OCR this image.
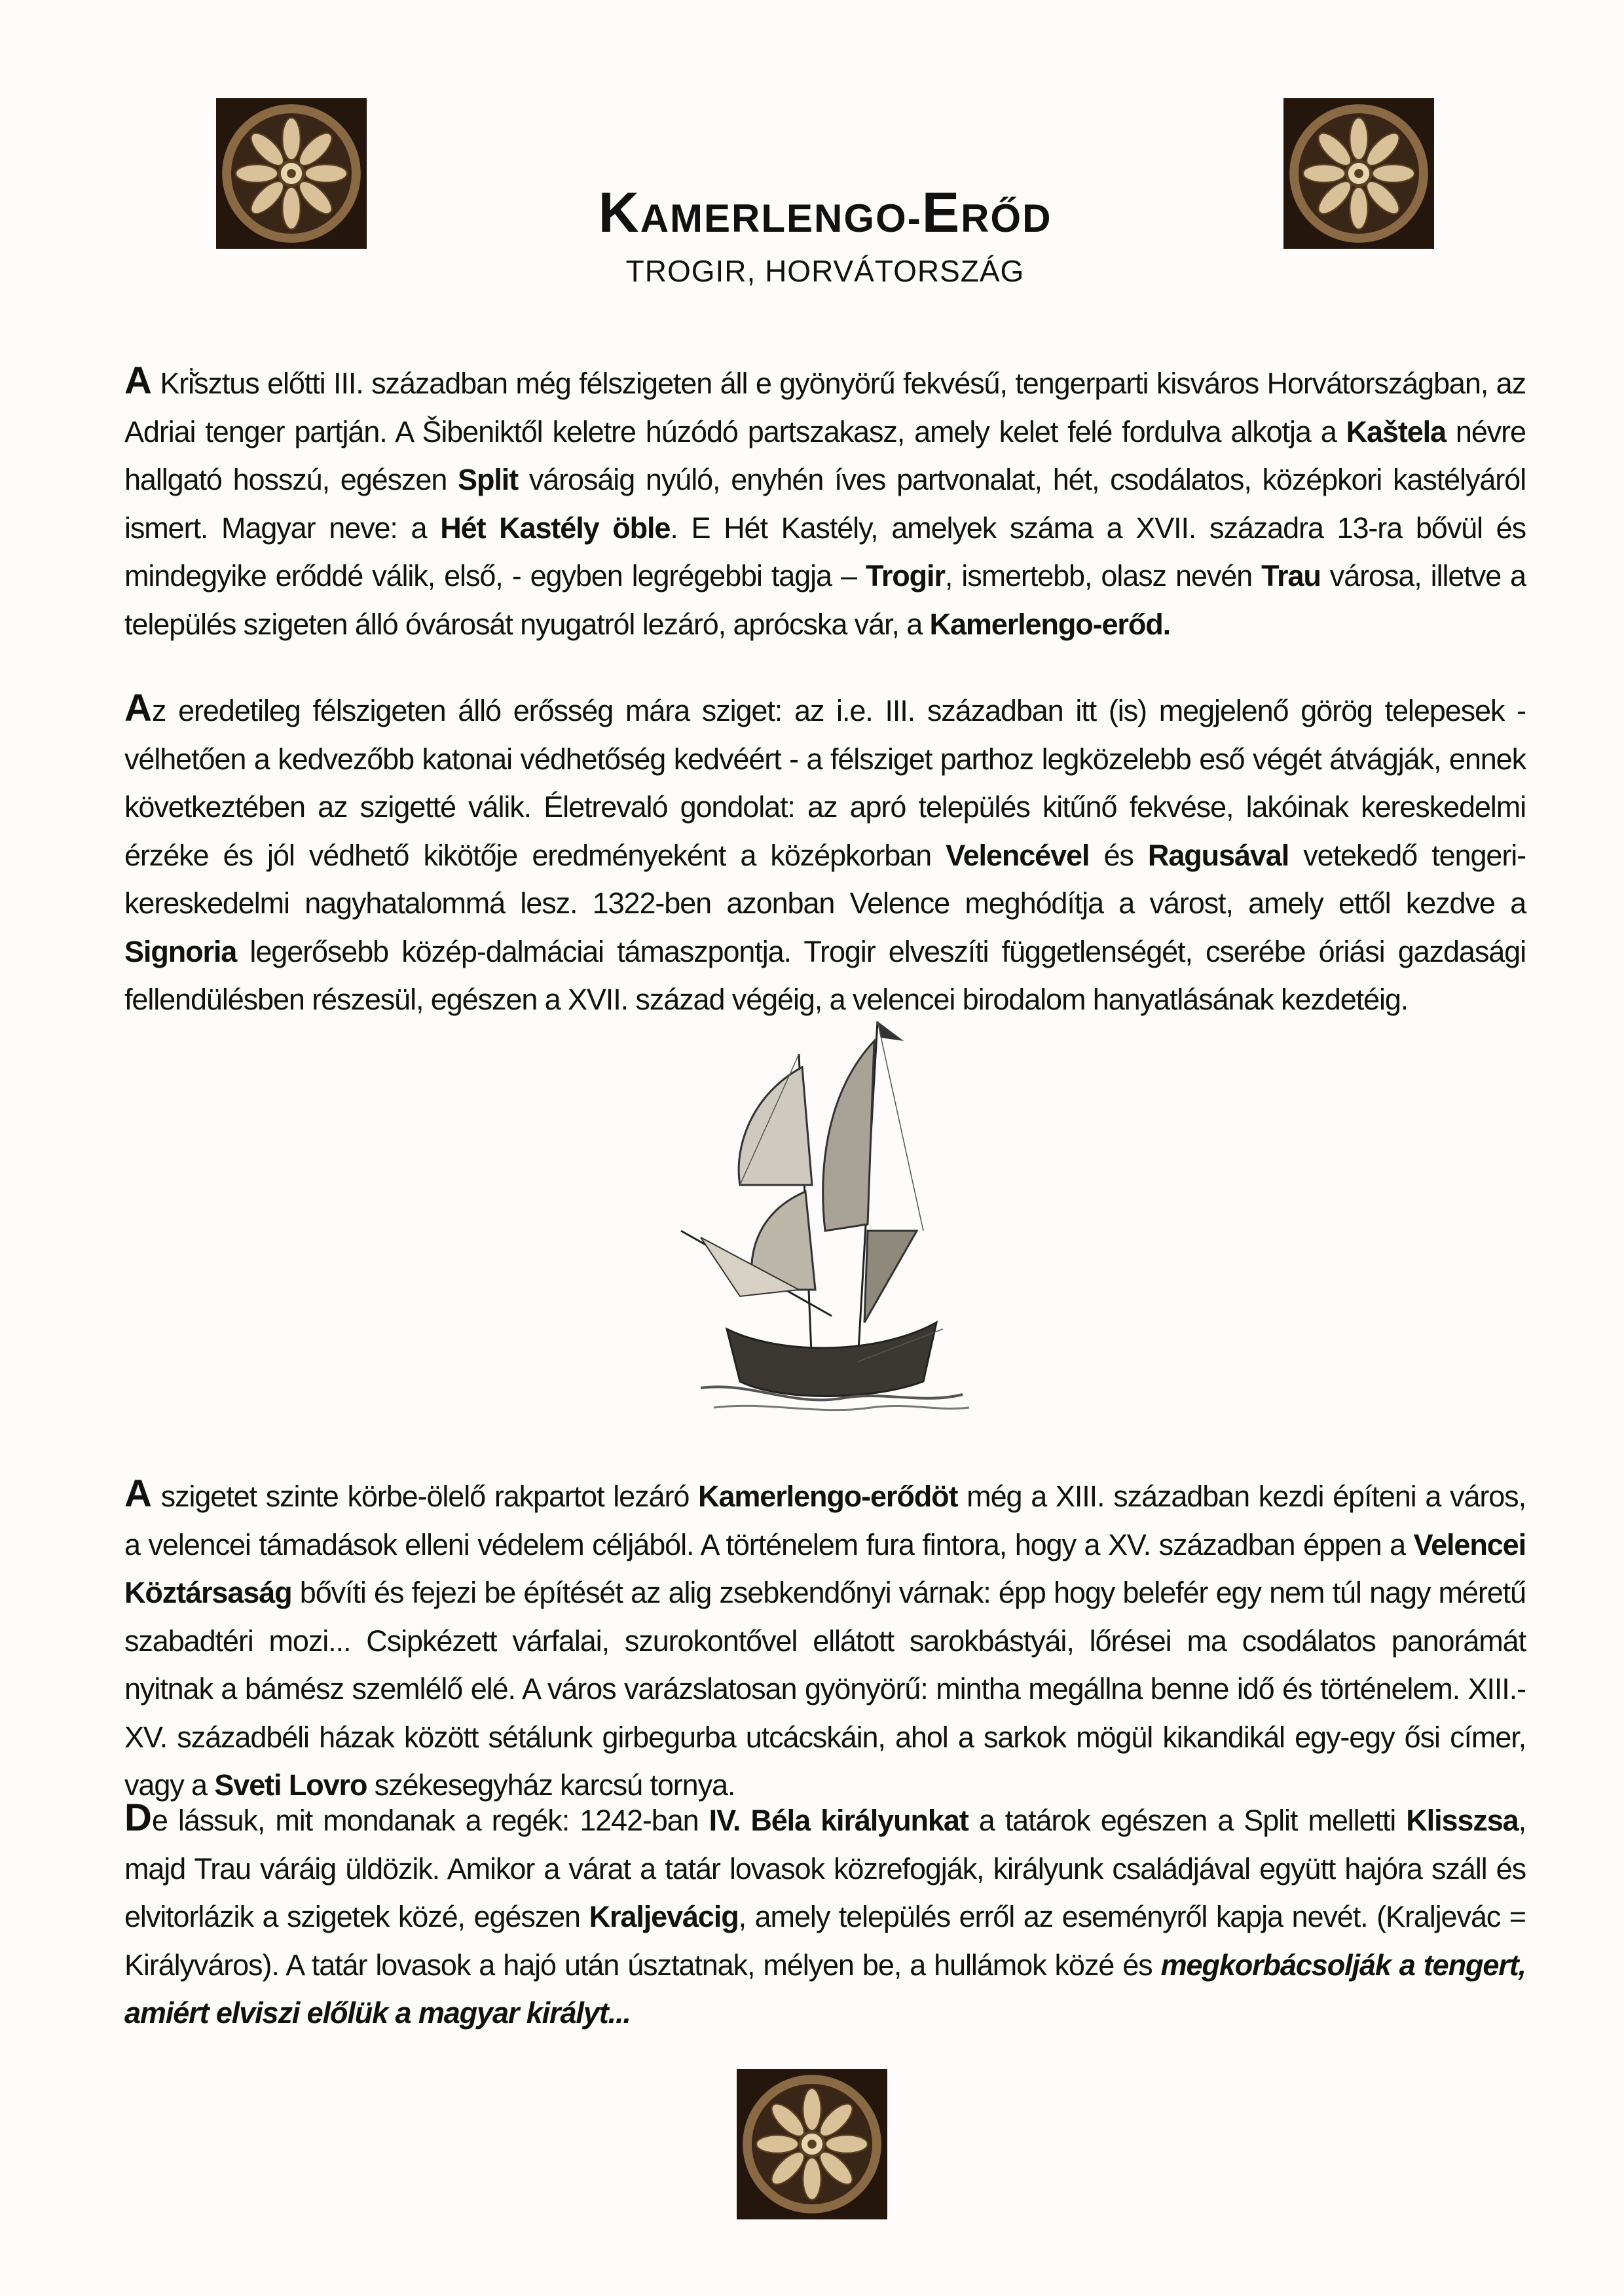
KAMERLENGO-ERŐD

TROGIR, HORVÁTORSZÁG

A Kri̇̌sztus előtti III. században még félszigeten áll e gyönyörű fekvésű, tengerparti kisváros Horvátországban, az Adriai tenger partján. A Šibeniktől keletre húzódó partszakasz, amely kelet felé fordulva alkotja a Kaštela névre hallgató hosszú, egészen Split városáig nyúló, enyhén íves partvonalat, hét, csodálatos, középkori kastélyáról ismert. Magyar neve: a Hét Kastély öble. E Hét Kastély, amelyek száma a XVII. századra 13-ra bővül és mindegyike erőddé válik, első, - egyben legrégebbi tagja – Trogir, ismertebb, olasz nevén Trau városa, illetve a település szigeten álló óvárosát nyugatról lezáró, aprócska vár, a Kamerlengo-erőd.

Az eredetileg félszigeten álló erősség mára sziget: az i.e. III. században itt (is) megjelenő görög telepesek - vélhetően a kedvezőbb katonai védhetőség kedvéért - a félsziget parthoz legközelebb eső végét átvágják, ennek következtében az szigetté válik. Életrevaló gondolat: az apró település kitűnő fekvése, lakóinak kereskedelmi érzéke és jól védhető kikötője eredményeként a középkorban Velencével és Ragusával vetekedő tengeri-kereskedelmi nagyhatalommá lesz. 1322-ben azonban Velence meghódítja a várost, amely ettől kezdve a Signoria legerősebb közép-dalmáciai támaszpontja. Trogir elveszíti függetlenségét, cserébe óriási gazdasági fellendülésben részesül, egészen a XVII. század végéig, a velencei birodalom hanyatlásának kezdetéig.

A szigetet szinte körbe-ölelő rakpartot lezáró Kamerlengo-erődöt még a XIII. században kezdi építeni a város, a velencei támadások elleni védelem céljából. A történelem fura fintora, hogy a XV. században éppen a Velencei Köztársaság bővíti és fejezi be építését az alig zsebkendőnyi várnak: épp hogy belefér egy nem túl nagy méretű szabadtéri mozi... Csipkézett várfalai, szurokontővel ellátott sarokbástyái, lőrései ma csodálatos panorámát nyitnak a bámész szemlélő elé. A város varázslatosan gyönyörű: mintha megállna benne idő és történelem. XIII.-XV. századbéli házak között sétálunk girbegurba utcácskáin, ahol a sarkok mögül kikandikál egy-egy ősi címer, vagy a Sveti Lovro székesegyház karcsú tornya.

De lássuk, mit mondanak a regék: 1242-ban IV. Béla királyunkat a tatárok egészen a Split melletti Klisszsa, majd Trau váráig üldözik. Amikor a várat a tatár lovasok közrefogják, királyunk családjával együtt hajóra száll és elvitorlázik a szigetek közé, egészen Kraljevácig, amely település erről az eseményről kapja nevét. (Kraljevác = Királyváros). A tatár lovasok a hajó után úsztatnak, mélyen be, a hullámok közé és megkorbácsolják a tengert, amiért elviszi előlük a magyar királyt...
